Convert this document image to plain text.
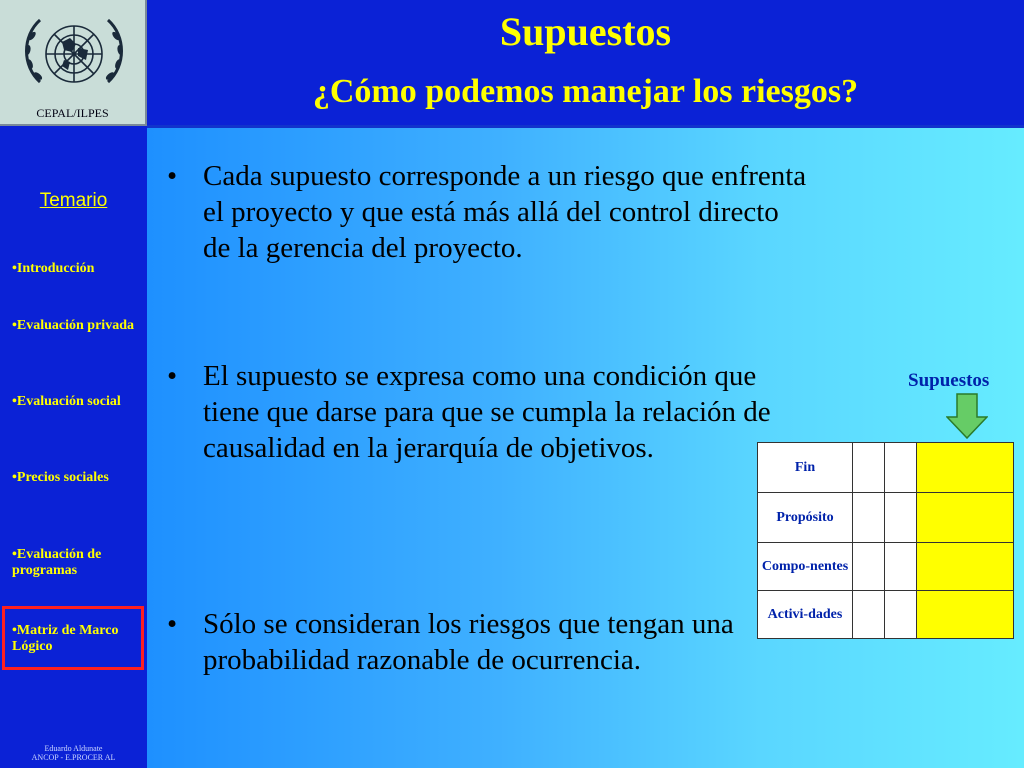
CEPAL/ILPES
Temario
•Introducción
•Evaluación privada
•Evaluación social
•Precios sociales
•Evaluación de programas
•Matriz de Marco Lógico
Eduardo Aldunate
ANCOP - E.PROCER AL
Supuestos
¿Cómo podemos manejar los riesgos?
• Cada supuesto corresponde a un riesgo que enfrenta el proyecto y que está más allá del control directo de la gerencia del proyecto.
• El supuesto se expresa como una condición que tiene que darse para que se cumpla la relación de causalidad en la jerarquía de objetivos.
• Sólo se consideran los riesgos que tengan una probabilidad razonable de ocurrencia.
Supuestos
Fin			
Propósito			
Compo-nentes			
Activi-dades			
